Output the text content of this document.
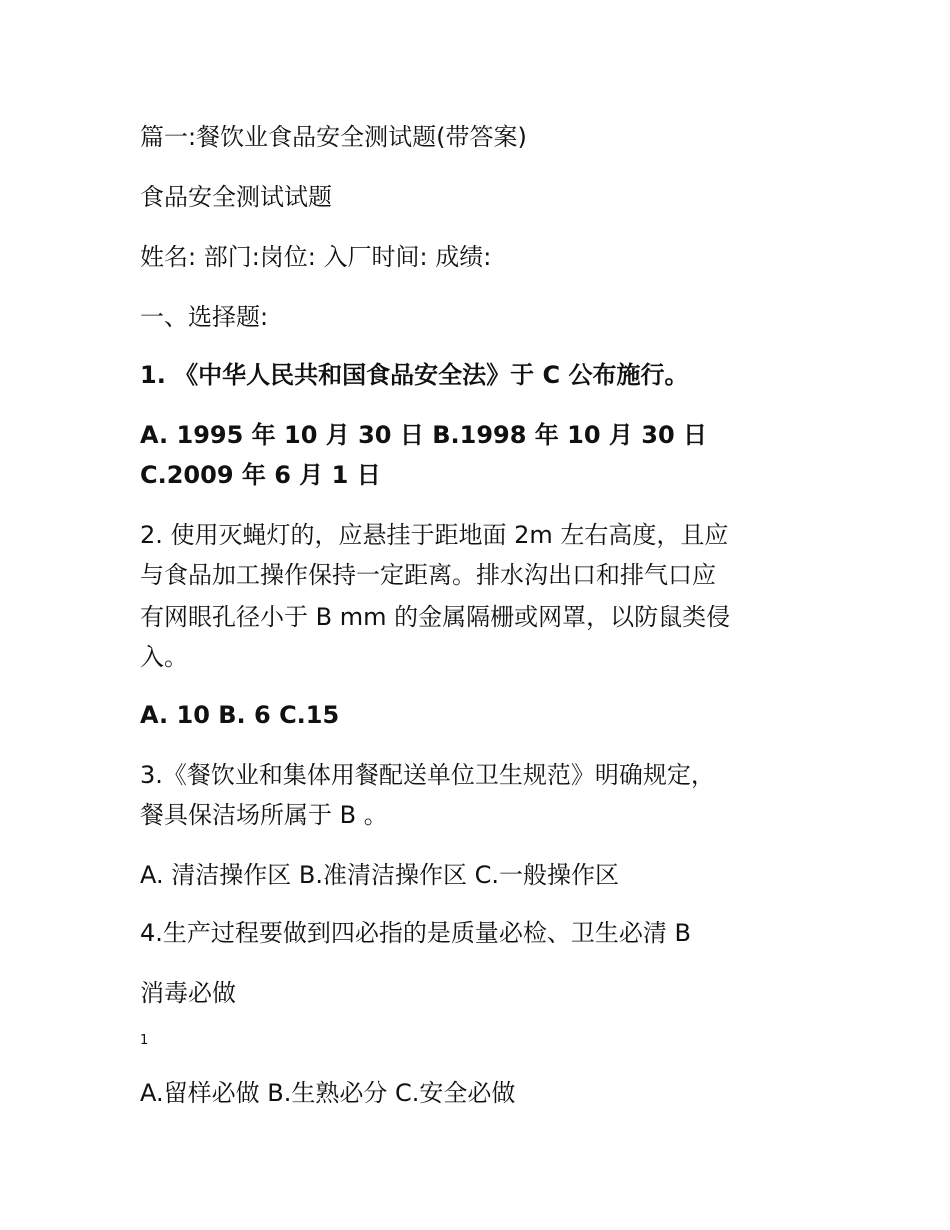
篇一:餐饮业食品安全测试题(带答案)
食品安全测试试题
姓名: 部门:岗位: 入厂时间: 成绩:
一、选择题:
1. 《中华人民共和国食品安全法》于 C 公布施行。
A. 1995 年 10 月 30 日 B.1998 年 10 月 30 日
C.2009 年 6 月 1 日
2. 使用灭蝇灯的，应悬挂于距地面 2m 左右高度，且应
与食品加工操作保持一定距离。排水沟出口和排气口应
有网眼孔径小于 B mm 的金属隔栅或网罩，以防鼠类侵
入。
A. 10 B. 6 C.15
3.《餐饮业和集体用餐配送单位卫生规范》明确规定，
餐具保洁场所属于 B 。
A. 清洁操作区 B.准清洁操作区 C.一般操作区
4.生产过程要做到四必指的是质量必检、卫生必清 B
消毒必做
1
A.留样必做 B.生熟必分 C.安全必做
